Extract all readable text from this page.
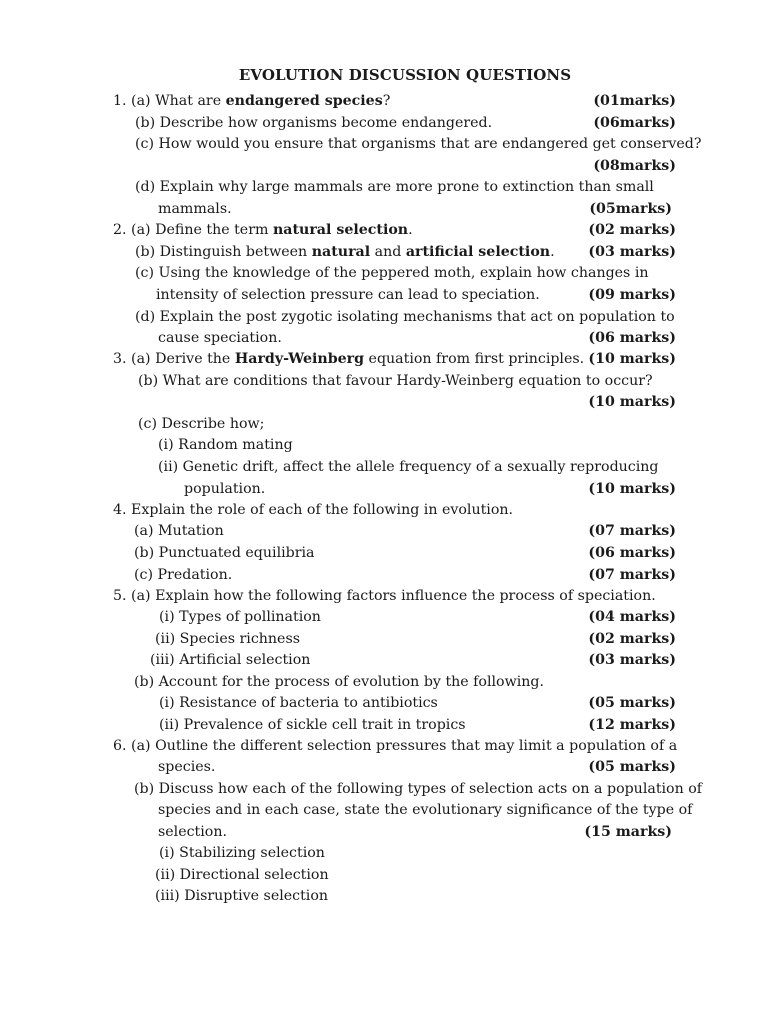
EVOLUTION DISCUSSION QUESTIONS
1. (a) What are endangered species?	(01marks)
(b) Describe how organisms become endangered.	(06marks)
(c) How would you ensure that organisms that are endangered get conserved?
(08marks)
(d) Explain why large mammals are more prone to extinction than small
mammals.	(05marks)
2. (a) Define the term natural selection.	(02 marks)
(b) Distinguish between natural and artificial selection. (03 marks)
(c) Using the knowledge of the peppered moth, explain how changes in
intensity of selection pressure can lead to speciation.	(09 marks)
(d) Explain the post zygotic isolating mechanisms that act on population to
cause speciation.	(06 marks)
3. (a) Derive the Hardy-Weinberg equation from first principles. (10 marks)
(b) What are conditions that favour Hardy-Weinberg equation to occur?
(10 marks)
(c) Describe how;
(i) Random mating
(ii) Genetic drift, affect the allele frequency of a sexually reproducing
population.	(10 marks)
4. Explain the role of each of the following in evolution.
(a) Mutation	(07 marks)
(b) Punctuated equilibria	(06 marks)
(c) Predation.	(07 marks)
5. (a) Explain how the following factors influence the process of speciation.
(i) Types of pollination	(04 marks)
(ii) Species richness	(02 marks)
(iii) Artificial selection	(03 marks)
(b) Account for the process of evolution by the following.
(i) Resistance of bacteria to antibiotics	(05 marks)
(ii) Prevalence of sickle cell trait in tropics	(12 marks)
6. (a) Outline the different selection pressures that may limit a population of a
species.	(05 marks)
(b) Discuss how each of the following types of selection acts on a population of
species and in each case, state the evolutionary significance of the type of
selection.	(15 marks)
(i) Stabilizing selection
(ii) Directional selection
(iii) Disruptive selection
